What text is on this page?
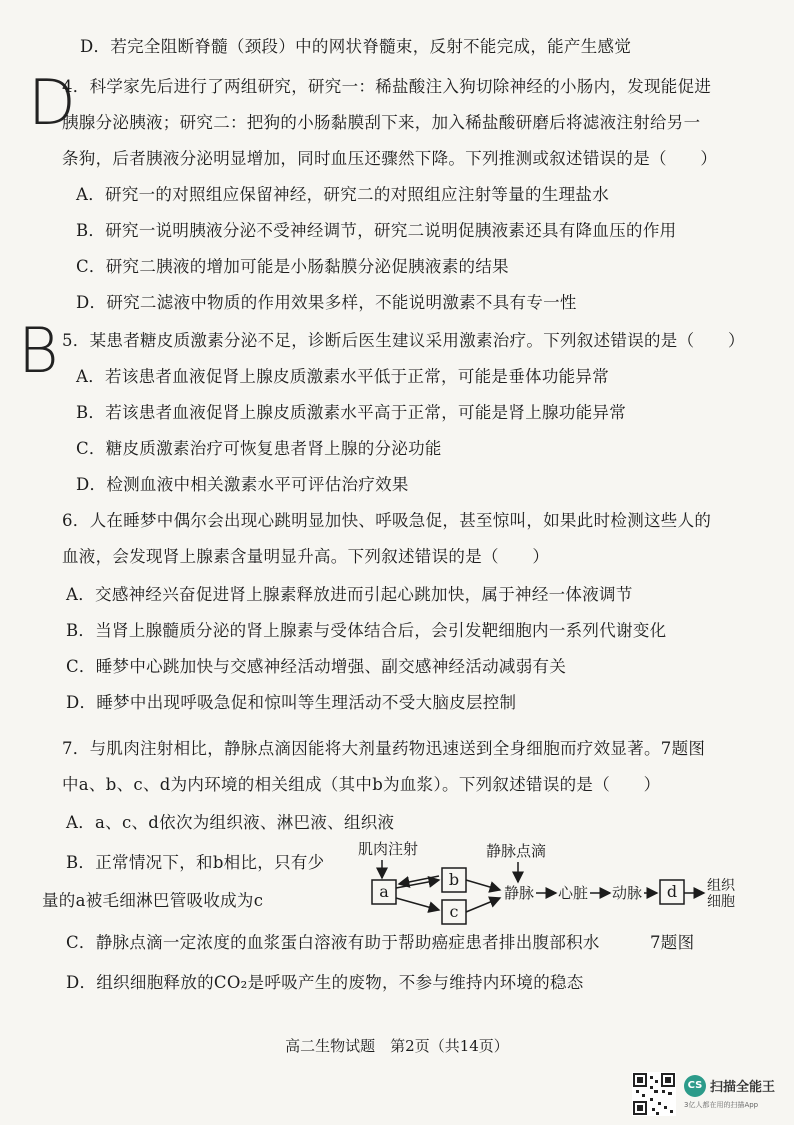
D．若完全阻断脊髓（颈段）中的网状脊髓束，反射不能完成，能产生感觉
D
4．科学家先后进行了两组研究，研究一：稀盐酸注入狗切除神经的小肠内，发现能促进
胰腺分泌胰液；研究二：把狗的小肠黏膜刮下来，加入稀盐酸研磨后将滤液注射给另一
条狗，后者胰液分泌明显增加，同时血压还骤然下降。下列推测或叙述错误的是（　　）
A．研究一的对照组应保留神经，研究二的对照组应注射等量的生理盐水
B．研究一说明胰液分泌不受神经调节，研究二说明促胰液素还具有降血压的作用
C．研究二胰液的增加可能是小肠黏膜分泌促胰液素的结果
D．研究二滤液中物质的作用效果多样，不能说明激素不具有专一性
B 5．某患者糖皮质激素分泌不足，诊断后医生建议采用激素治疗。下列叙述错误的是（　　）
A．若该患者血液促肾上腺皮质激素水平低于正常，可能是垂体功能异常
B．若该患者血液促肾上腺皮质激素水平高于正常，可能是肾上腺功能异常
C．糖皮质激素治疗可恢复患者肾上腺的分泌功能
D．检测血液中相关激素水平可评估治疗效果
6．人在睡梦中偶尔会出现心跳明显加快、呼吸急促，甚至惊叫，如果此时检测这些人的
血液，会发现肾上腺素含量明显升高。下列叙述错误的是（　　）
A．交感神经兴奋促进肾上腺素释放进而引起心跳加快，属于神经一体液调节
B．当肾上腺髓质分泌的肾上腺素与受体结合后，会引发靶细胞内一系列代谢变化
C．睡梦中心跳加快与交感神经活动增强、副交感神经活动减弱有关
D．睡梦中出现呼吸急促和惊叫等生理活动不受大脑皮层控制
7．与肌肉注射相比，静脉点滴因能将大剂量药物迅速送到全身细胞而疗效显著。7题图
中a、b、c、d为内环境的相关组成（其中b为血浆）。下列叙述错误的是（　　）
A．a、c、d依次为组织液、淋巴液、组织液
B．正常情况下，和b相比，只有少
量的a被毛细淋巴管吸收成为c
C．静脉点滴一定浓度的血浆蛋白溶液有助于帮助癌症患者排出腹部积水	7题图
D．组织细胞释放的CO₂是呼吸产生的废物，不参与维持内环境的稳态
肌肉注射	静脉点滴
静脉 心脏 动脉	组织
细胞
a
b
c
d
高二生物试题　第2页（共14页）
CS 扫描全能王
3亿人都在用的扫描App
